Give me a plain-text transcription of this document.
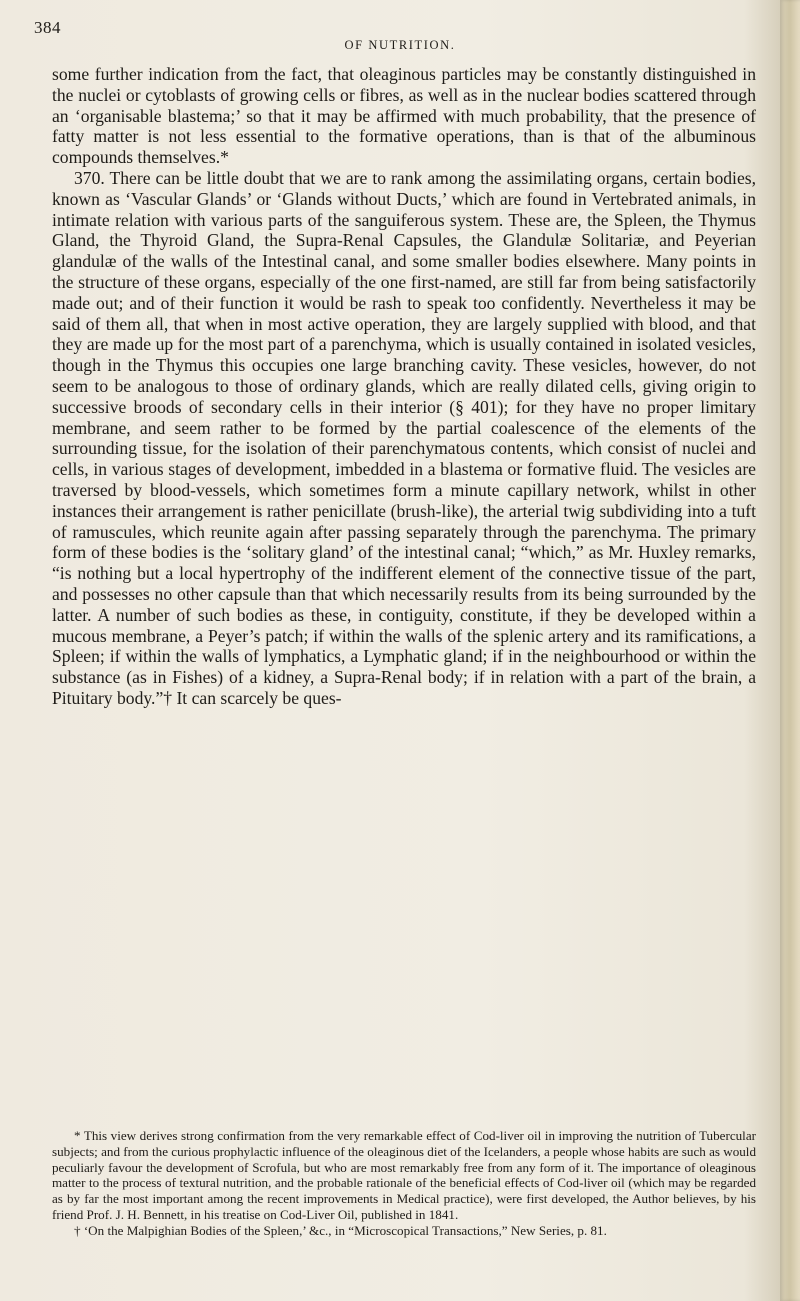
384
OF NUTRITION.

some further indication from the fact, that oleaginous particles may be constantly distinguished in the nuclei or cytoblasts of growing cells or fibres, as well as in the nuclear bodies scattered through an ‘organisable blastema;’ so that it may be affirmed with much probability, that the presence of fatty matter is not less essential to the formative operations, than is that of the albuminous compounds themselves.*

370. There can be little doubt that we are to rank among the assimilating organs, certain bodies, known as ‘Vascular Glands’ or ‘Glands without Ducts,’ which are found in Vertebrated animals, in intimate relation with various parts of the sanguiferous system. These are, the Spleen, the Thymus Gland, the Thyroid Gland, the Supra-Renal Capsules, the Glandulæ Solitariæ, and Peyerian glandulæ of the walls of the Intestinal canal, and some smaller bodies elsewhere. Many points in the structure of these organs, especially of the one first-named, are still far from being satisfactorily made out; and of their function it would be rash to speak too confidently. Nevertheless it may be said of them all, that when in most active operation, they are largely supplied with blood, and that they are made up for the most part of a parenchyma, which is usually contained in isolated vesicles, though in the Thymus this occupies one large branching cavity. These vesicles, however, do not seem to be analogous to those of ordinary glands, which are really dilated cells, giving origin to successive broods of secondary cells in their interior (§ 401); for they have no proper limitary membrane, and seem rather to be formed by the partial coalescence of the elements of the surrounding tissue, for the isolation of their parenchymatous contents, which consist of nuclei and cells, in various stages of development, imbedded in a blastema or formative fluid. The vesicles are traversed by blood-vessels, which sometimes form a minute capillary network, whilst in other instances their arrangement is rather penicillate (brush-like), the arterial twig subdividing into a tuft of ramuscules, which reunite again after passing separately through the parenchyma. The primary form of these bodies is the ‘solitary gland’ of the intestinal canal; “which,” as Mr. Huxley remarks, “is nothing but a local hypertrophy of the indifferent element of the connective tissue of the part, and possesses no other capsule than that which necessarily results from its being surrounded by the latter. A number of such bodies as these, in contiguity, constitute, if they be developed within a mucous membrane, a Peyer’s patch; if within the walls of the splenic artery and its ramifications, a Spleen; if within the walls of lymphatics, a Lymphatic gland; if in the neighbourhood or within the substance (as in Fishes) of a kidney, a Supra-Renal body; if in relation with a part of the brain, a Pituitary body.”† It can scarcely be ques-

* This view derives strong confirmation from the very remarkable effect of Cod-liver oil in improving the nutrition of Tubercular subjects; and from the curious prophylactic influence of the oleaginous diet of the Icelanders, a people whose habits are such as would peculiarly favour the development of Scrofula, but who are most remarkably free from any form of it. The importance of oleaginous matter to the process of textural nutrition, and the probable rationale of the beneficial effects of Cod-liver oil (which may be regarded as by far the most important among the recent improvements in Medical practice), were first developed, the Author believes, by his friend Prof. J. H. Bennett, in his treatise on Cod-Liver Oil, published in 1841.

† ‘On the Malpighian Bodies of the Spleen,’ &c., in “Microscopical Transactions,” New Series, p. 81.
